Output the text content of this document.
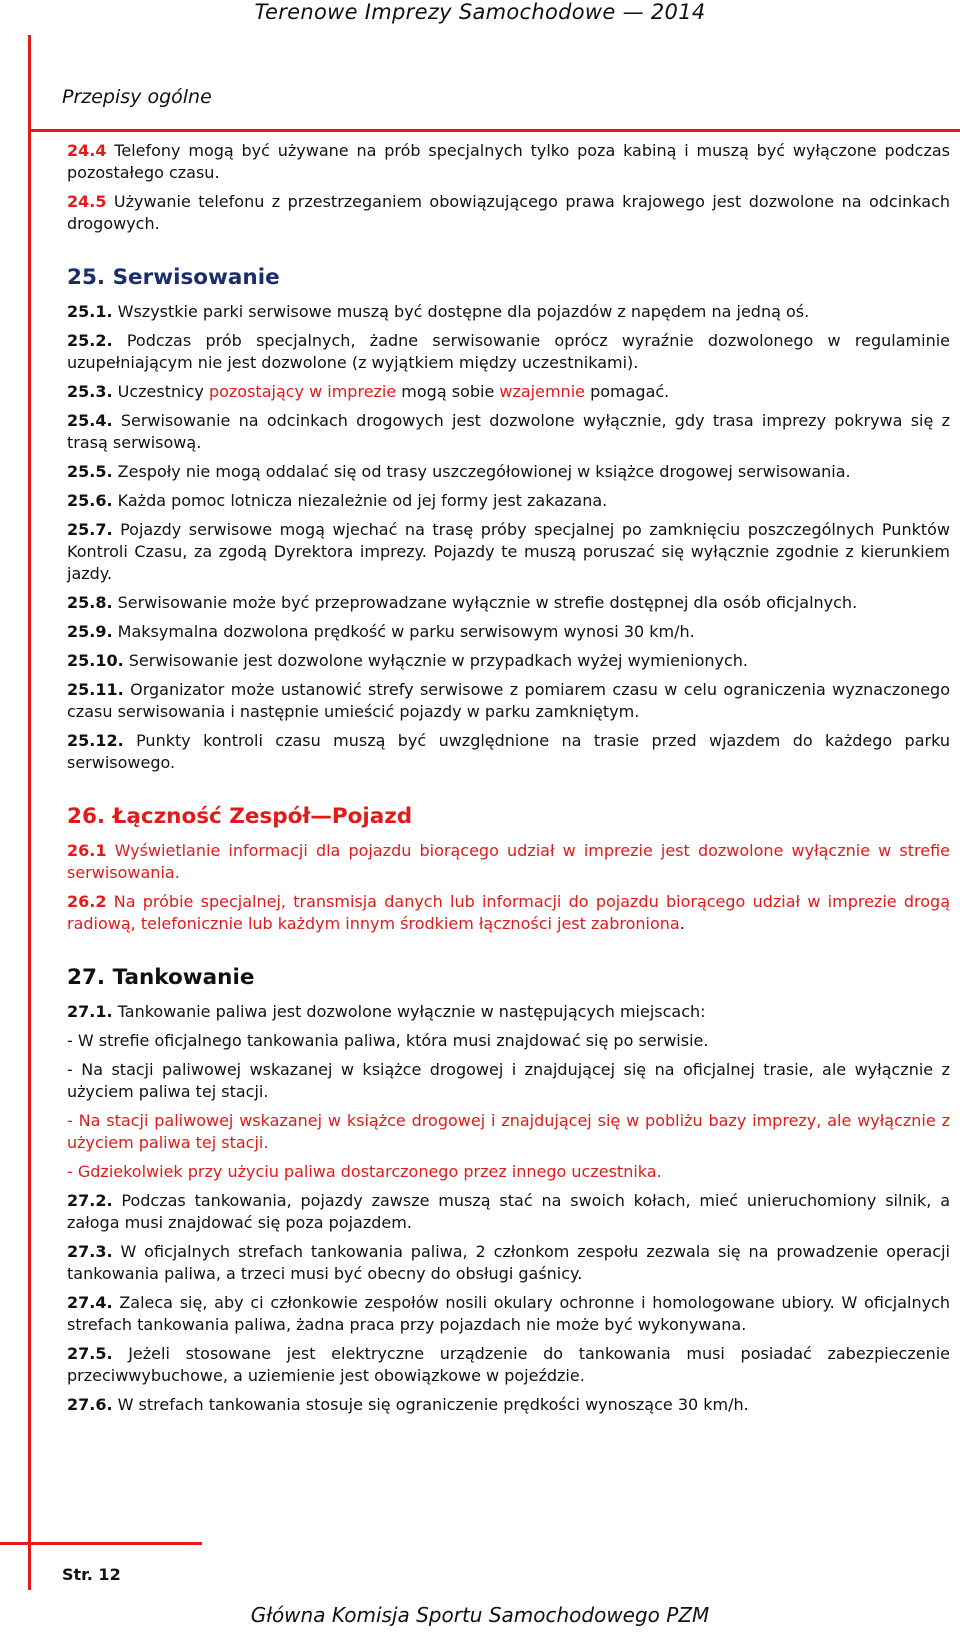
Terenowe Imprezy Samochodowe — 2014
Przepisy ogólne

24.4 Telefony mogą być używane na prób specjalnych tylko poza kabiną i muszą być wyłączone podczas pozostałego czasu.

24.5 Używanie telefonu z przestrzeganiem obowiązującego prawa krajowego jest dozwolone na odcinkach drogowych.

25. Serwisowanie

25.1. Wszystkie parki serwisowe muszą być dostępne dla pojazdów z napędem na jedną oś.

25.2. Podczas prób specjalnych, żadne serwisowanie oprócz wyraźnie dozwolonego w regulaminie uzupełniającym nie jest dozwolone (z wyjątkiem między uczestnikami).

25.3. Uczestnicy pozostający w imprezie mogą sobie wzajemnie pomagać.

25.4. Serwisowanie na odcinkach drogowych jest dozwolone wyłącznie, gdy trasa imprezy pokrywa się z trasą serwisową.

25.5. Zespoły nie mogą oddalać się od trasy uszczegółowionej w książce drogowej serwisowania.

25.6. Każda pomoc lotnicza niezależnie od jej formy jest zakazana.

25.7. Pojazdy serwisowe mogą wjechać na trasę próby specjalnej po zamknięciu poszczególnych Punktów Kontroli Czasu, za zgodą Dyrektora imprezy. Pojazdy te muszą poruszać się wyłącznie zgodnie z kierunkiem jazdy.

25.8. Serwisowanie może być przeprowadzane wyłącznie w strefie dostępnej dla osób oficjalnych.

25.9. Maksymalna dozwolona prędkość w parku serwisowym wynosi 30 km/h.

25.10. Serwisowanie jest dozwolone wyłącznie w przypadkach wyżej wymienionych.

25.11. Organizator może ustanowić strefy serwisowe z pomiarem czasu w celu ograniczenia wyznaczonego czasu serwisowania i następnie umieścić pojazdy w parku zamkniętym.

25.12. Punkty kontroli czasu muszą być uwzględnione na trasie przed wjazdem do każdego parku serwisowego.

26. Łączność Zespół—Pojazd

26.1 Wyświetlanie informacji dla pojazdu biorącego udział w imprezie jest dozwolone wyłącznie w strefie serwisowania.

26.2 Na próbie specjalnej, transmisja danych lub informacji do pojazdu biorącego udział w imprezie drogą radiową, telefonicznie lub każdym innym środkiem łączności jest zabroniona.

27. Tankowanie

27.1. Tankowanie paliwa jest dozwolone wyłącznie w następujących miejscach:

- W strefie oficjalnego tankowania paliwa, która musi znajdować się po serwisie.

- Na stacji paliwowej wskazanej w książce drogowej i znajdującej się na oficjalnej trasie, ale wyłącznie z użyciem paliwa tej stacji.

- Na stacji paliwowej wskazanej w książce drogowej i znajdującej się w pobliżu bazy imprezy, ale wyłącznie z użyciem paliwa tej stacji.

- Gdziekolwiek przy użyciu paliwa dostarczonego przez innego uczestnika.

27.2. Podczas tankowania, pojazdy zawsze muszą stać na swoich kołach, mieć unieruchomiony silnik, a załoga musi znajdować się poza pojazdem.

27.3. W oficjalnych strefach tankowania paliwa, 2 członkom zespołu zezwala się na prowadzenie operacji tankowania paliwa, a trzeci musi być obecny do obsługi gaśnicy.

27.4. Zaleca się, aby ci członkowie zespołów nosili okulary ochronne i homologowane ubiory. W oficjalnych strefach tankowania paliwa, żadna praca przy pojazdach nie może być wykonywana.

27.5. Jeżeli stosowane jest elektryczne urządzenie do tankowania musi posiadać zabezpieczenie przeciwwybuchowe, a uziemienie jest obowiązkowe w pojeździe.

27.6. W strefach tankowania stosuje się ograniczenie prędkości wynoszące 30 km/h.

Str. 12
Główna Komisja Sportu Samochodowego PZM
